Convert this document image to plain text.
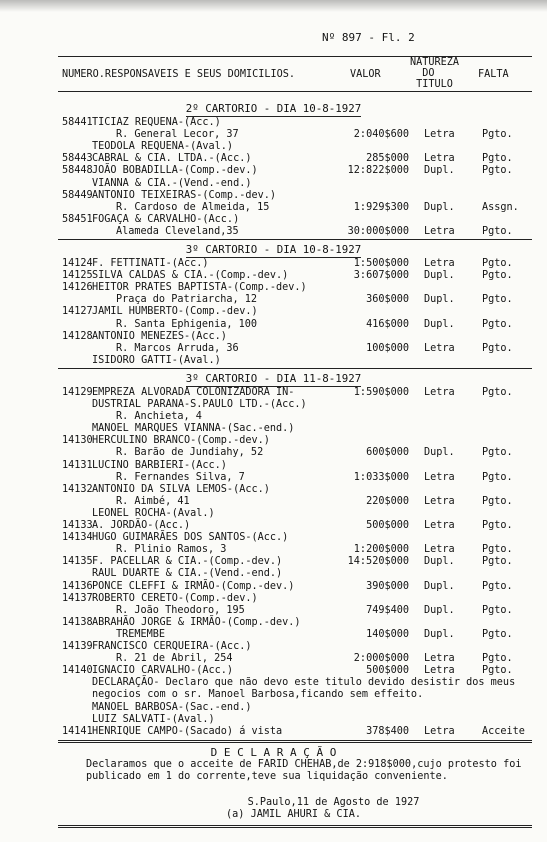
Nº 897 - Fl. 2
NUMERO.RESPONSAVEIS E SEUS DOMICILIOS.	VALOR
NATUREZA
DO
TITULO
FALTA
2º CARTORIO - DIA 10-8-1927
58441 TICIAZ REQUENA-(Acc.)
R. General Lecor, 37	2:040$600 Letra	Pgto.
TEODOLA REQUENA-(Aval.)
58443 CABRAL & CIA. LTDA.-(Acc.)	285$000 Letra	Pgto.
58448 JOÃO BOBADILLA-(Comp.-dev.)	12:822$000 Dupl.	Pgto.
VIANNA & CIA.-(Vend.-end.)
58449 ANTONIO TEIXEIRAS-(Comp.-dev.)
R. Cardoso de Almeida, 15	1:929$300 Dupl.	Assgn.
58451 FOGAÇA & CARVALHO-(Acc.)
Alameda Cleveland,35	30:000$000 Letra	Pgto.
3º CARTORIO - DIA 10-8-1927
14124 F. FETTINATI-(Acc.)	1:500$000 Letra	Pgto.
14125 SILVA CALDAS & CIA.-(Comp.-dev.)	3:607$000 Dupl.	Pgto.
14126 HEITOR PRATES BAPTISTA-(Comp.-dev.)
Praça do Patriarcha, 12	360$000 Dupl.	Pgto.
14127 JAMIL HUMBERTO-(Comp.-dev.)
R. Santa Ephigenia, 100	416$000 Dupl.	Pgto.
14128 ANTONIO MENEZES-(Acc.)
R. Marcos Arruda, 36	100$000 Letra	Pgto.
ISIDORO GATTI-(Aval.)
3º CARTORIO - DIA 11-8-1927
14129 EMPREZA ALVORADA COLONIZADORA IN-	1:590$000 Letra	Pgto.
DUSTRIAL PARANA-S.PAULO LTD.-(Acc.)
R. Anchieta, 4
MANOEL MARQUES VIANNA-(Sac.-end.)
14130 HERCULINO BRANCO-(Comp.-dev.)
R. Barão de Jundiahy, 52	600$000 Dupl.	Pgto.
14131 LUCINO BARBIERI-(Acc.)
R. Fernandes Silva, 7	1:033$000 Letra	Pgto.
14132 ANTONIO DA SILVA LEMOS-(Acc.)
R. Aimbé, 41	220$000 Letra	Pgto.
LEONEL ROCHA-(Aval.)
14133 A. JORDÃO-(Acc.)	500$000 Letra	Pgto.
14134 HUGO GUIMARÃES DOS SANTOS-(Acc.)
R. Plinio Ramos, 3	1:200$000 Letra	Pgto.
14135 F. PACELLAR & CIA.-(Comp.-dev.)	14:520$000 Dupl.	Pgto.
RAUL DUARTE & CIA.-(Vend.-end.)
14136 PONCE CLEFFI & IRMÃO-(Comp.-dev.)	390$000 Dupl.	Pgto.
14137 ROBERTO CERETO-(Comp.-dev.)
R. João Theodoro, 195	749$400 Dupl.	Pgto.
14138 ABRAHÃO JORGE & IRMÃO-(Comp.-dev.)
TREMEMBE	140$000 Dupl.	Pgto.
14139 FRANCISCO CERQUEIRA-(Acc.)
R. 21 de Abril, 254	2:000$000 Letra	Pgto.
14140 IGNACIO CARVALHO-(Acc.)	500$000 Letra	Pgto.
DECLARAÇÃO- Declaro que não devo este titulo devido desistir dos meus negocios com o sr. Manoel Barbosa,ficando sem effeito.
MANOEL BARBOSA-(Sac.-end.)
LUIZ SALVATI-(Aval.)
14141 HENRIQUE CAMPO-(Sacado) á vista	378$400 Letra	Acceite
D E C L A R A Ç Ã O
Declaramos que o acceite de FARID CHEHAB,de 2:918$000,cujo protesto foi publicado em 1 do corrente,teve sua liquidação conveniente.
S.Paulo,11 de Agosto de 1927
(a) JAMIL AHURI & CIA.
